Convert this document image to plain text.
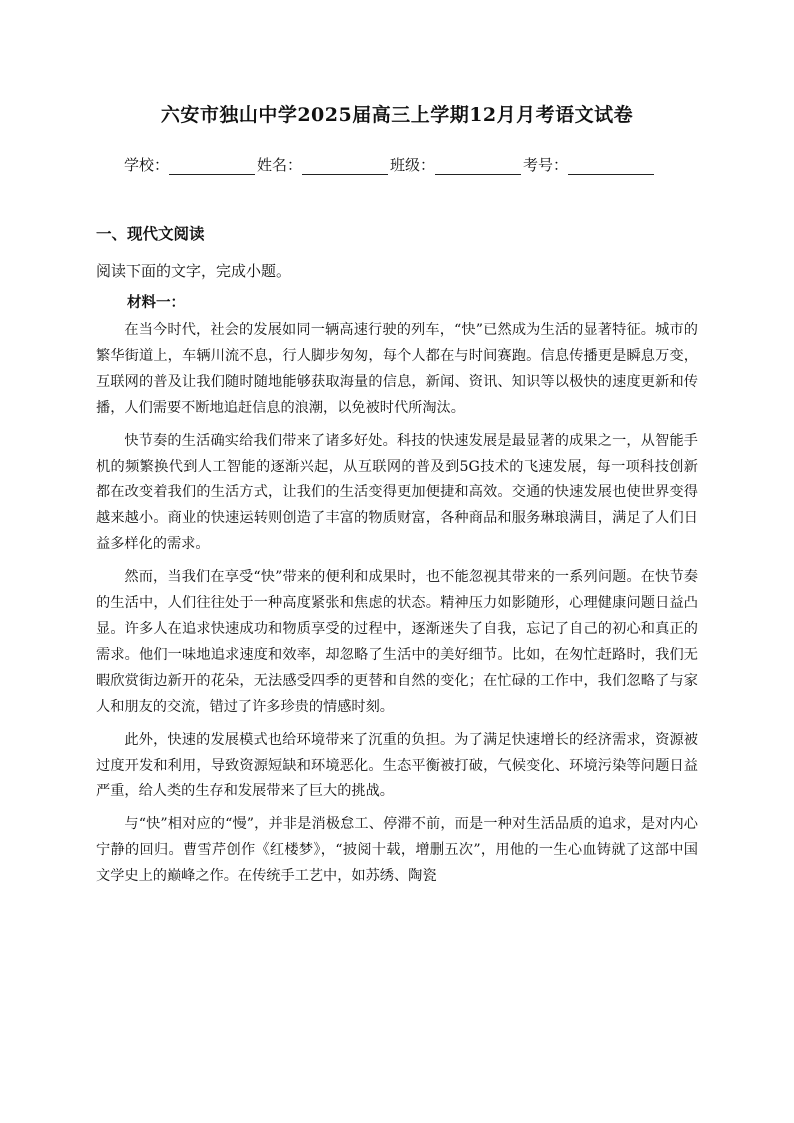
六安市独山中学2025届高三上学期12月月考语文试卷
学校：	姓名：	班级：	考号：
一、现代文阅读
阅读下面的文字，完成小题。
材料一：

在当今时代，社会的发展如同一辆高速行驶的列车，“快”已然成为生活的显著特征。城市的繁华街道上，车辆川流不息，行人脚步匆匆，每个人都在与时间赛跑。信息传播更是瞬息万变，互联网的普及让我们随时随地能够获取海量的信息，新闻、资讯、知识等以极快的速度更新和传播，人们需要不断地追赶信息的浪潮，以免被时代所淘汰。

快节奏的生活确实给我们带来了诸多好处。科技的快速发展是最显著的成果之一，从智能手机的频繁换代到人工智能的逐渐兴起，从互联网的普及到5G技术的飞速发展，每一项科技创新都在改变着我们的生活方式，让我们的生活变得更加便捷和高效。交通的快速发展也使世界变得越来越小。商业的快速运转则创造了丰富的物质财富，各种商品和服务琳琅满目，满足了人们日益多样化的需求。

然而，当我们在享受“快”带来的便利和成果时，也不能忽视其带来的一系列问题。在快节奏的生活中，人们往往处于一种高度紧张和焦虑的状态。精神压力如影随形，心理健康问题日益凸显。许多人在追求快速成功和物质享受的过程中，逐渐迷失了自我，忘记了自己的初心和真正的需求。他们一味地追求速度和效率，却忽略了生活中的美好细节。比如，在匆忙赶路时，我们无暇欣赏街边新开的花朵，无法感受四季的更替和自然的变化；在忙碌的工作中，我们忽略了与家人和朋友的交流，错过了许多珍贵的情感时刻。

此外，快速的发展模式也给环境带来了沉重的负担。为了满足快速增长的经济需求，资源被过度开发和利用，导致资源短缺和环境恶化。生态平衡被打破，气候变化、环境污染等问题日益严重，给人类的生存和发展带来了巨大的挑战。

与“快”相对应的“慢”，并非是消极怠工、停滞不前，而是一种对生活品质的追求，是对内心宁静的回归。曹雪芹创作《红楼梦》，“披阅十载，增删五次”，用他的一生心血铸就了这部中国文学史上的巅峰之作。在传统手工艺中，如苏绣、陶瓷
